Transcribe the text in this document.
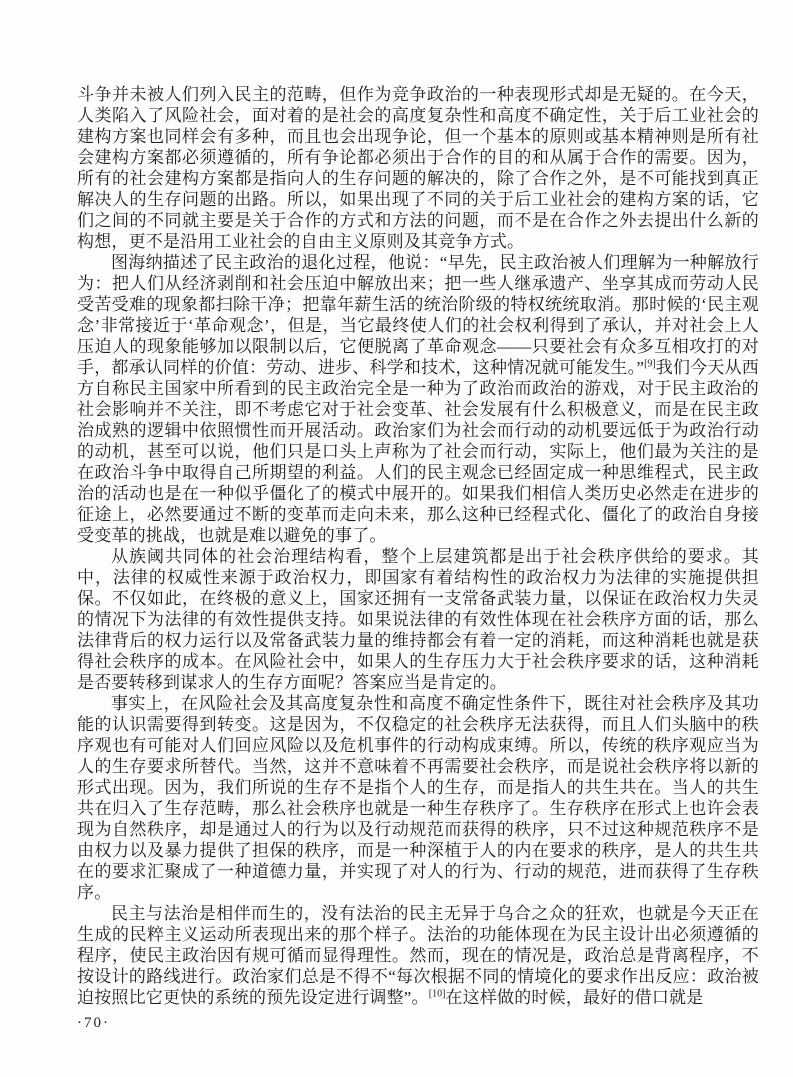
斗争并未被人们列入民主的范畴，但作为竞争政治的一种表现形式却是无疑的。在今天，人类陷入了风险社会，面对着的是社会的高度复杂性和高度不确定性，关于后工业社会的建构方案也同样会有多种，而且也会出现争论，但一个基本的原则或基本精神则是所有社会建构方案都必须遵循的，所有争论都必须出于合作的目的和从属于合作的需要。因为，所有的社会建构方案都是指向人的生存问题的解决的，除了合作之外，是不可能找到真正解决人的生存问题的出路。所以，如果出现了不同的关于后工业社会的建构方案的话，它们之间的不同就主要是关于合作的方式和方法的问题，而不是在合作之外去提出什么新的构想，更不是沿用工业社会的自由主义原则及其竞争方式。

图海纳描述了民主政治的退化过程，他说：“早先，民主政治被人们理解为一种解放行为：把人们从经济剥削和社会压迫中解放出来；把一些人继承遗产、坐享其成而劳动人民受苦受难的现象都扫除干净；把靠年薪生活的统治阶级的特权统统取消。那时候的‘民主观念’非常接近于‘革命观念’，但是，当它最终使人们的社会权利得到了承认，并对社会上人压迫人的现象能够加以限制以后，它便脱离了革命观念——只要社会有众多互相攻打的对手，都承认同样的价值：劳动、进步、科学和技术，这种情况就可能发生。”[9]我们今天从西方自称民主国家中所看到的民主政治完全是一种为了政治而政治的游戏，对于民主政治的社会影响并不关注，即不考虑它对于社会变革、社会发展有什么积极意义，而是在民主政治成熟的逻辑中依照惯性而开展活动。政治家们为社会而行动的动机要远低于为政治行动的动机，甚至可以说，他们只是口头上声称为了社会而行动，实际上，他们最为关注的是在政治斗争中取得自己所期望的利益。人们的民主观念已经固定成一种思维程式，民主政治的活动也是在一种似乎僵化了的模式中展开的。如果我们相信人类历史必然走在进步的征途上，必然要通过不断的变革而走向未来，那么这种已经程式化、僵化了的政治自身接受变革的挑战，也就是难以避免的事了。

从族阈共同体的社会治理结构看，整个上层建筑都是出于社会秩序供给的要求。其中，法律的权威性来源于政治权力，即国家有着结构性的政治权力为法律的实施提供担保。不仅如此，在终极的意义上，国家还拥有一支常备武装力量，以保证在政治权力失灵的情况下为法律的有效性提供支持。如果说法律的有效性体现在社会秩序方面的话，那么法律背后的权力运行以及常备武装力量的维持都会有着一定的消耗，而这种消耗也就是获得社会秩序的成本。在风险社会中，如果人的生存压力大于社会秩序要求的话，这种消耗是否要转移到谋求人的生存方面呢？答案应当是肯定的。

事实上，在风险社会及其高度复杂性和高度不确定性条件下，既往对社会秩序及其功能的认识需要得到转变。这是因为，不仅稳定的社会秩序无法获得，而且人们头脑中的秩序观也有可能对人们回应风险以及危机事件的行动构成束缚。所以，传统的秩序观应当为人的生存要求所替代。当然，这并不意味着不再需要社会秩序，而是说社会秩序将以新的形式出现。因为，我们所说的生存不是指个人的生存，而是指人的共生共在。当人的共生共在归入了生存范畴，那么社会秩序也就是一种生存秩序了。生存秩序在形式上也许会表现为自然秩序，却是通过人的行为以及行动规范而获得的秩序，只不过这种规范秩序不是由权力以及暴力提供了担保的秩序，而是一种深植于人的内在要求的秩序，是人的共生共在的要求汇聚成了一种道德力量，并实现了对人的行为、行动的规范，进而获得了生存秩序。

民主与法治是相伴而生的，没有法治的民主无异于乌合之众的狂欢，也就是今天正在生成的民粹主义运动所表现出来的那个样子。法治的功能体现在为民主设计出必须遵循的程序，使民主政治因有规可循而显得理性。然而，现在的情况是，政治总是背离程序，不按设计的路线进行。政治家们总是不得不“每次根据不同的情境化的要求作出反应：政治被迫按照比它更快的系统的预先设定进行调整”。[10]在这样做的时候，最好的借口就是

·70·
